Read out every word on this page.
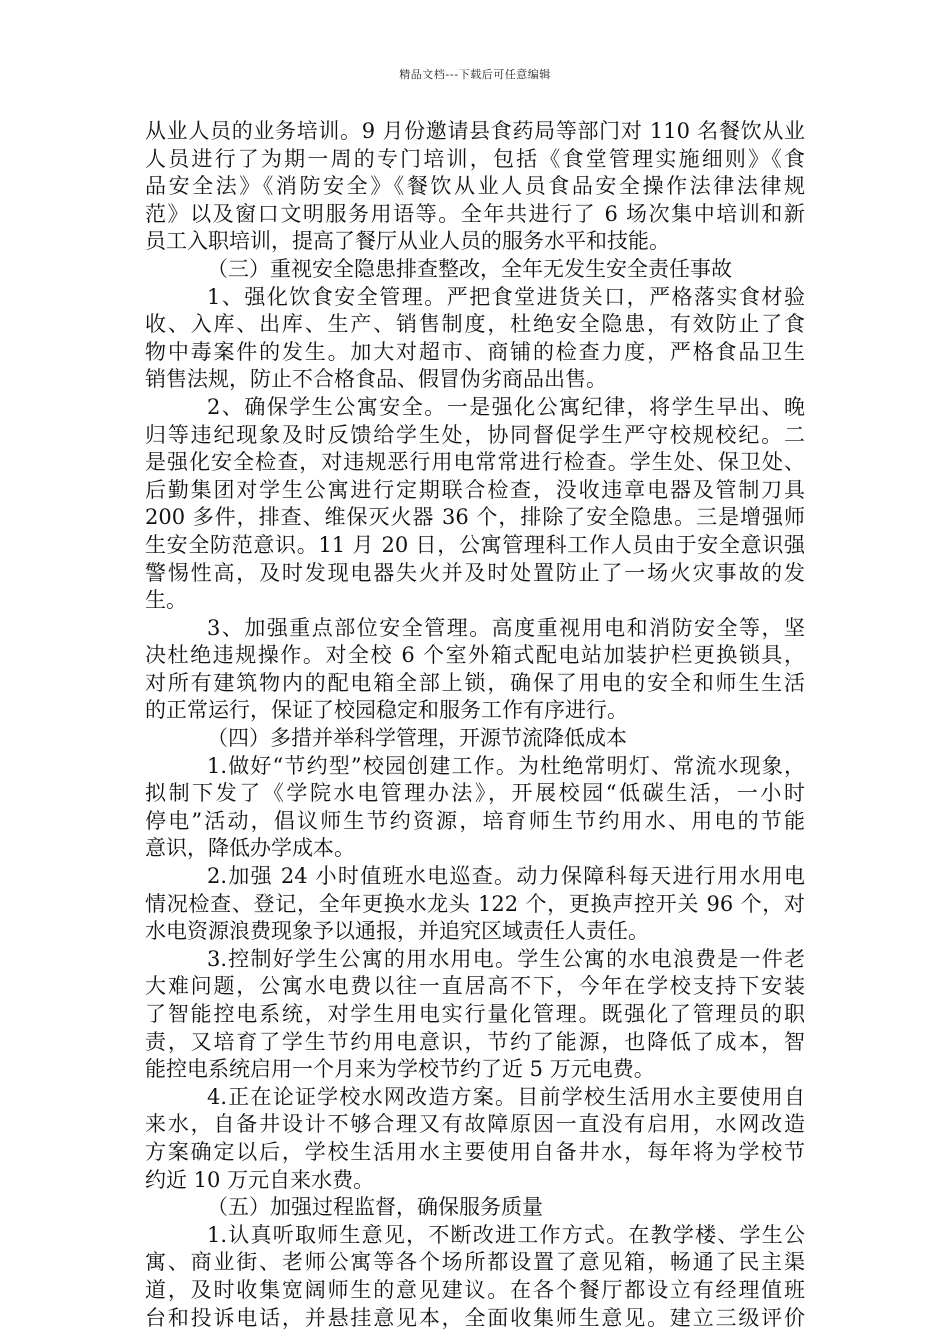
精品文档---下载后可任意编辑
从业人员的业务培训。9 月份邀请县食药局等部门对 110 名餐饮从业
人员进行了为期一周的专门培训，包括《食堂管理实施细则》《食
品安全法》《消防安全》《餐饮从业人员食品安全操作法律法律规
范》以及窗口文明服务用语等。全年共进行了 6 场次集中培训和新
员工入职培训，提高了餐厅从业人员的服务水平和技能。
（三）重视安全隐患排查整改，全年无发生安全责任事故
1、强化饮食安全管理。严把食堂进货关口，严格落实食材验
收、入库、出库、生产、销售制度，杜绝安全隐患，有效防止了食
物中毒案件的发生。加大对超市、商铺的检查力度，严格食品卫生
销售法规，防止不合格食品、假冒伪劣商品出售。
2、确保学生公寓安全。一是强化公寓纪律，将学生早出、晚
归等违纪现象及时反馈给学生处，协同督促学生严守校规校纪。二
是强化安全检查，对违规恶行用电常常进行检查。学生处、保卫处、
后勤集团对学生公寓进行定期联合检查，没收违章电器及管制刀具
200 多件，排查、维保灭火器 36 个，排除了安全隐患。三是增强师
生安全防范意识。11 月 20 日，公寓管理科工作人员由于安全意识强
警惕性高，及时发现电器失火并及时处置防止了一场火灾事故的发
生。
3、加强重点部位安全管理。高度重视用电和消防安全等，坚
决杜绝违规操作。对全校 6 个室外箱式配电站加装护栏更换锁具，
对所有建筑物内的配电箱全部上锁，确保了用电的安全和师生生活
的正常运行，保证了校园稳定和服务工作有序进行。
（四）多措并举科学管理，开源节流降低成本
1.做好“节约型”校园创建工作。为杜绝常明灯、常流水现象，
拟制下发了《学院水电管理办法》，开展校园“低碳生活，一小时
停电”活动，倡议师生节约资源，培育师生节约用水、用电的节能
意识，降低办学成本。
2.加强 24 小时值班水电巡查。动力保障科每天进行用水用电
情况检查、登记，全年更换水龙头 122 个，更换声控开关 96 个，对
水电资源浪费现象予以通报，并追究区域责任人责任。
3.控制好学生公寓的用水用电。学生公寓的水电浪费是一件老
大难问题，公寓水电费以往一直居高不下，今年在学校支持下安装
了智能控电系统，对学生用电实行量化管理。既强化了管理员的职
责，又培育了学生节约用电意识，节约了能源，也降低了成本，智
能控电系统启用一个月来为学校节约了近 5 万元电费。
4.正在论证学校水网改造方案。目前学校生活用水主要使用自
来水，自备井设计不够合理又有故障原因一直没有启用，水网改造
方案确定以后，学校生活用水主要使用自备井水，每年将为学校节
约近 10 万元自来水费。
（五）加强过程监督，确保服务质量
1.认真听取师生意见，不断改进工作方式。在教学楼、学生公
寓、商业街、老师公寓等各个场所都设置了意见箱，畅通了民主渠
道，及时收集宽阔师生的意见建议。在各个餐厅都设立有经理值班
台和投诉电话，并悬挂意见本，全面收集师生意见。建立三级评价
